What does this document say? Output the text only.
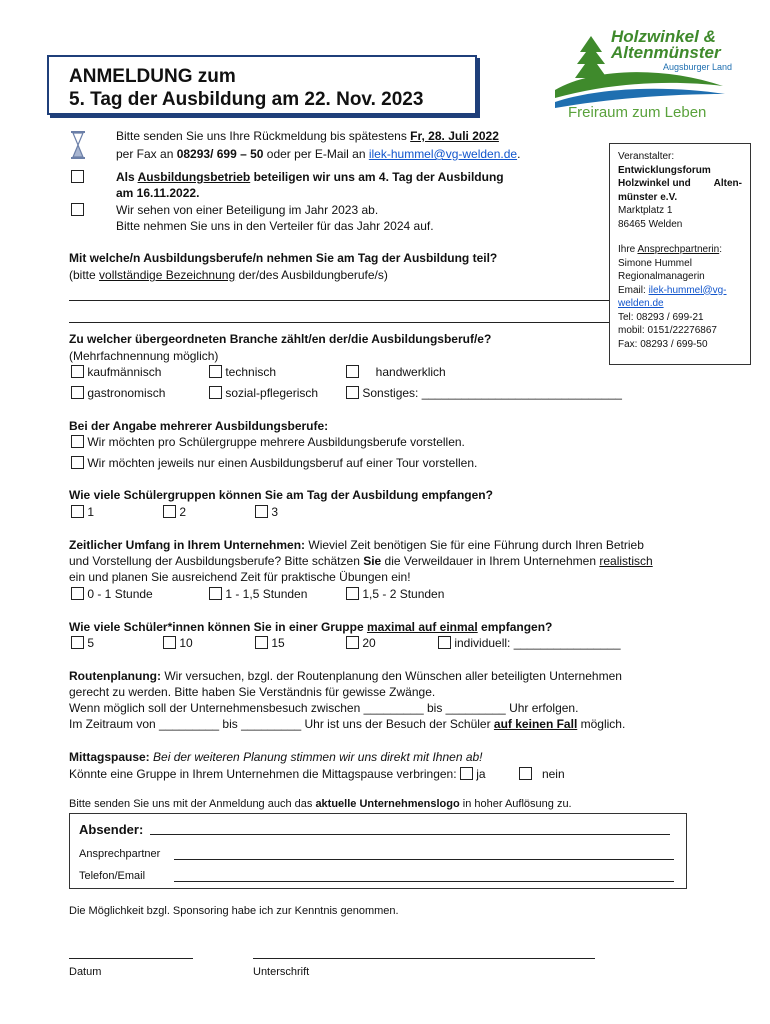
Holzwinkel &
Altenmünster
Augsburger Land
Freiraum zum Leben
ANMELDUNG zum
5. Tag der Ausbildung am 22. Nov. 2023
Bitte senden Sie uns Ihre Rückmeldung bis spätestens Fr, 28. Juli 2022
per Fax an 08293/ 699 – 50 oder per E-Mail an ilek-hummel@vg-welden.de.
Als Ausbildungsbetrieb beteiligen wir uns am 4. Tag der Ausbildung
am 16.11.2022.
Wir sehen von einer Beteiligung im Jahr 2023 ab.
Bitte nehmen Sie uns in den Verteiler für das Jahr 2024 auf.
Veranstalter:
Entwicklungsforum
Holzwinkel und Alten-
münster e.V.
Marktplatz 1
86465 Welden
Ihre Ansprechpartnerin:
Simone Hummel
Regionalmanagerin
Email: ilek-hummel@vg-
welden.de
Tel: 08293 / 699-21
mobil: 0151/22276867
Fax: 08293 / 699-50
Mit welche/n Ausbildungsberufe/n nehmen Sie am Tag der Ausbildung teil?
(bitte vollständige Bezeichnung der/des Ausbildungberufe/s)
Zu welcher übergeordneten Branche zählt/en der/die Ausbildungsberuf/e?
(Mehrfachnennung möglich)
kaufmännisch	technisch	handwerklich
gastronomisch	sozial-pflegerisch	Sonstiges: ______________________________
Bei der Angabe mehrerer Ausbildungsberufe:
Wir möchten pro Schülergruppe mehrere Ausbildungsberufe vorstellen.
Wir möchten jeweils nur einen Ausbildungsberuf auf einer Tour vorstellen.
Wie viele Schülergruppen können Sie am Tag der Ausbildung empfangen?
1	2	3
Zeitlicher Umfang in Ihrem Unternehmen: Wieviel Zeit benötigen Sie für eine Führung durch Ihren Betrieb
und Vorstellung der Ausbildungsberufe? Bitte schätzen Sie die Verweildauer in Ihrem Unternehmen realistisch
ein und planen Sie ausreichend Zeit für praktische Übungen ein!
0 - 1 Stunde	1 - 1,5 Stunden	1,5 - 2 Stunden
Wie viele Schüler*innen können Sie in einer Gruppe maximal auf einmal empfangen?
5	10	15	20	individuell: ________________
Routenplanung: Wir versuchen, bzgl. der Routenplanung den Wünschen aller beteiligten Unternehmen
gerecht zu werden. Bitte haben Sie Verständnis für gewisse Zwänge.
Wenn möglich soll der Unternehmensbesuch zwischen _________ bis _________ Uhr erfolgen.
Im Zeitraum von _________ bis _________ Uhr ist uns der Besuch der Schüler auf keinen Fall möglich.
Mittagspause: Bei der weiteren Planung stimmen wir uns direkt mit Ihnen ab!
Könnte eine Gruppe in Ihrem Unternehmen die Mittagspause verbringen: ja	nein
Bitte senden Sie uns mit der Anmeldung auch das aktuelle Unternehmenslogo in hoher Auflösung zu.
Absender:
Ansprechpartner
Telefon/Email
Die Möglichkeit bzgl. Sponsoring habe ich zur Kenntnis genommen.
Datum	Unterschrift
